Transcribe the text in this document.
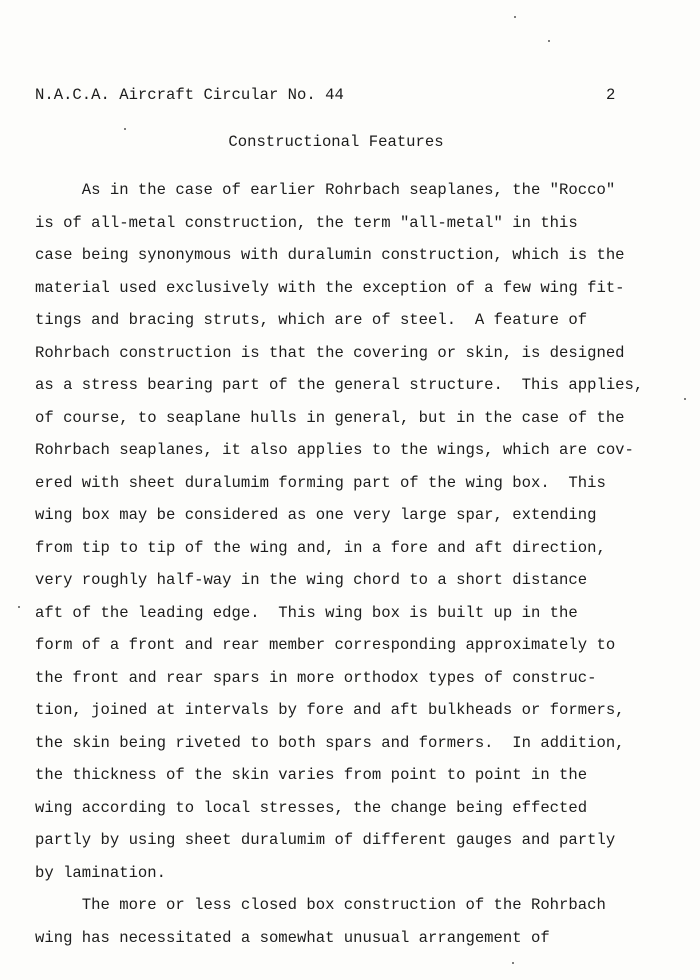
N.A.C.A. Aircraft Circular No. 44	2
Constructional Features
As in the case of earlier Rohrbach seaplanes, the "Rocco"
is of all-metal construction, the term "all-metal" in this
case being synonymous with duralumin construction, which is the
material used exclusively with the exception of a few wing fit-
tings and bracing struts, which are of steel.  A feature of
Rohrbach construction is that the covering or skin, is designed
as a stress bearing part of the general structure.  This applies,
of course, to seaplane hulls in general, but in the case of the
Rohrbach seaplanes, it also applies to the wings, which are cov-
ered with sheet duralumim forming part of the wing box.  This
wing box may be considered as one very large spar, extending
from tip to tip of the wing and, in a fore and aft direction,
very roughly half-way in the wing chord to a short distance
aft of the leading edge.  This wing box is built up in the
form of a front and rear member corresponding approximately to
the front and rear spars in more orthodox types of construc-
tion, joined at intervals by fore and aft bulkheads or formers,
the skin being riveted to both spars and formers.  In addition,
the thickness of the skin varies from point to point in the
wing according to local stresses, the change being effected
partly by using sheet duralumim of different gauges and partly
by lamination.
The more or less closed box construction of the Rohrbach
wing has necessitated a somewhat unusual arrangement of
